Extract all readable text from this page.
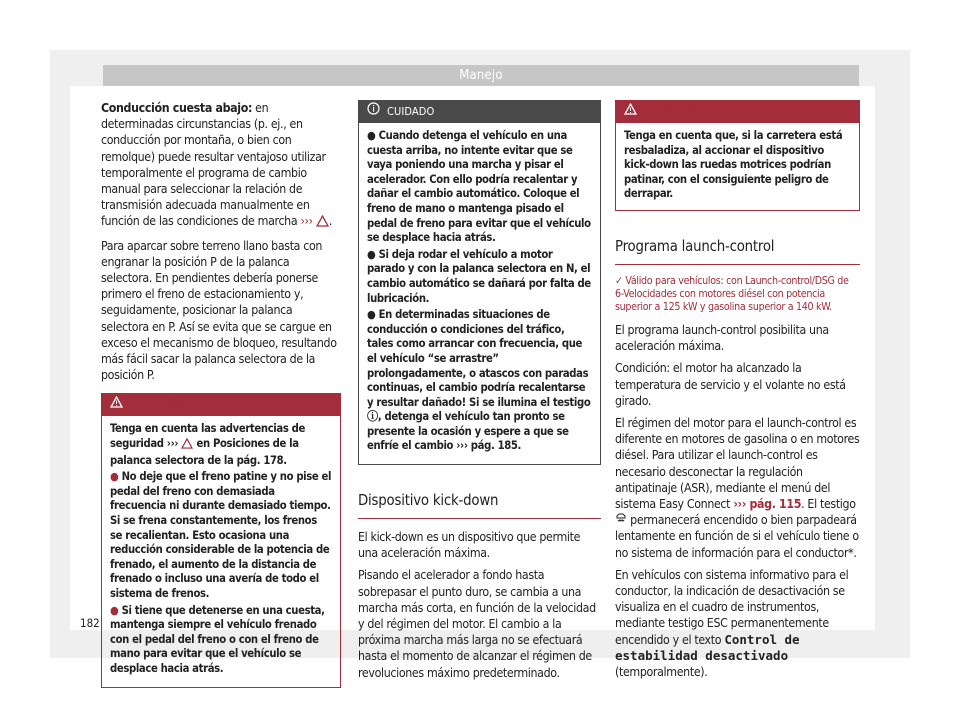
Manejo

Conducción cuesta abajo: en determinadas circunstancias (p. ej., en conducción por montaña, o bien con remolque) puede resultar ventajoso utilizar temporalmente el programa de cambio manual para seleccionar la relación de transmisión adecuada manualmente en función de las condiciones de marcha ››› .

Para aparcar sobre terreno llano basta con engranar la posición P de la palanca selectora. En pendientes debería ponerse primero el freno de estacionamiento y, seguidamente, posicionar la palanca selectora en P. Así se evita que se cargue en exceso el mecanismo de bloqueo, resultando más fácil sacar la palanca selectora de la posición P.

ATENCIÓN
Tenga en cuenta las advertencias de seguridad ›››  en Posiciones de la palanca selectora de la pág. 178.
● No deje que el freno patine y no pise el pedal del freno con demasiada frecuencia ni durante demasiado tiempo. Si se frena constantemente, los frenos se recalientan. Esto ocasiona una reducción considerable de la potencia de frenado, el aumento de la distancia de frenado o incluso una avería de todo el sistema de frenos.
● Si tiene que detenerse en una cuesta, mantenga siempre el vehículo frenado con el pedal del freno o con el freno de mano para evitar que el vehículo se desplace hacia atrás.
CUIDADO
● Cuando detenga el vehículo en una cuesta arriba, no intente evitar que se vaya poniendo una marcha y pisar el acelerador. Con ello podría recalentar y dañar el cambio automático. Coloque el freno de mano o mantenga pisado el pedal de freno para evitar que el vehículo se desplace hacia atrás.
● Si deja rodar el vehículo a motor parado y con la palanca selectora en N, el cambio automático se dañará por falta de lubricación.
● En determinadas situaciones de conducción o condiciones del tráfico, tales como arrancar con frecuencia, que el vehículo “se arrastre” prolongadamente, o atascos con paradas continuas, el cambio podría recalentarse y resultar dañado! Si se ilumina el testigo ⓘ, detenga el vehículo tan pronto se presente la ocasión y espere a que se enfríe el cambio ››› pág. 185.
Dispositivo kick-down

El kick-down es un dispositivo que permite una aceleración máxima.

Pisando el acelerador a fondo hasta sobrepasar el punto duro, se cambia a una marcha más corta, en función de la velocidad y del régimen del motor. El cambio a la próxima marcha más larga no se efectuará hasta el momento de alcanzar el régimen de revoluciones máximo predeterminado.

ATENCIÓN
Tenga en cuenta que, si la carretera está resbaladiza, al accionar el dispositivo kick-down las ruedas motrices podrían patinar, con el consiguiente peligro de derrapar.
Programa launch-control
✓ Válido para vehículos: con Launch-control/DSG de 6-Velocidades con motores diésel con potencia superior a 125 kW y gasolina superior a 140 kW.

El programa launch-control posibilita una aceleración máxima.

Condición: el motor ha alcanzado la temperatura de servicio y el volante no está girado.

El régimen del motor para el launch-control es diferente en motores de gasolina o en motores diésel. Para utilizar el launch-control es necesario desconectar la regulación antipatinaje (ASR), mediante el menú del sistema Easy Connect ››› pág. 115. El testigo  permanecerá encendido o bien parpadeará lentamente en función de si el vehículo tiene o no sistema de información para el conductor*.

En vehículos con sistema informativo para el conductor, la indicación de desactivación se visualiza en el cuadro de instrumentos, mediante testigo ESC permanentemente encendido y el texto Control de estabilidad desactivado (temporalmente).

182
